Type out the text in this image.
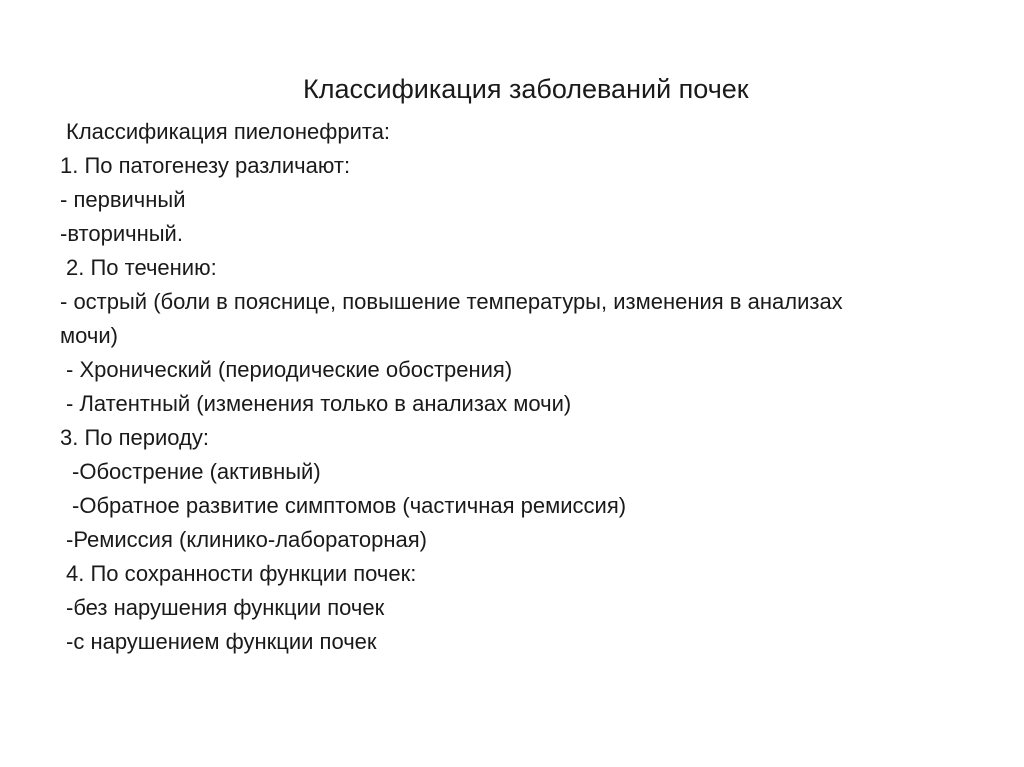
Классификация заболеваний почек
Классификация пиелонефрита:
1. По патогенезу различают:
- первичный
-вторичный.
2. По течению:
- острый (боли в пояснице, повышение температуры, изменения в анализах мочи)
- Хронический (периодические обострения)
- Латентный (изменения только в анализах мочи)
3. По периоду:
-Обострение (активный)
-Обратное развитие симптомов (частичная ремиссия)
-Ремиссия (клинико-лабораторная)
4. По сохранности функции почек:
-без нарушения функции почек
-с нарушением функции почек
